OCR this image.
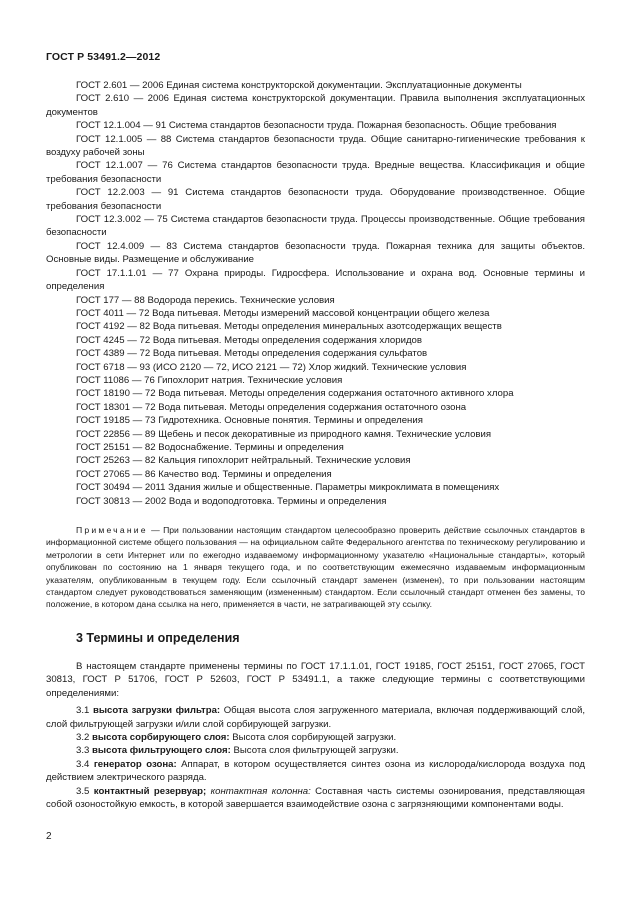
ГОСТ Р 53491.2—2012

ГОСТ 2.601 — 2006 Единая система конструкторской документации. Эксплуатационные документы

ГОСТ 2.610 — 2006 Единая система конструкторской документации. Правила выполнения эксплуатационных документов

ГОСТ 12.1.004 — 91 Система стандартов безопасности труда. Пожарная безопасность. Общие требования

ГОСТ 12.1.005 — 88 Система стандартов безопасности труда. Общие санитарно-гигиенические требования к воздуху рабочей зоны

ГОСТ 12.1.007 — 76 Система стандартов безопасности труда. Вредные вещества. Классификация и общие требования безопасности

ГОСТ 12.2.003 — 91 Система стандартов безопасности труда. Оборудование производственное. Общие требования безопасности

ГОСТ 12.3.002 — 75 Система стандартов безопасности труда. Процессы производственные. Общие требования безопасности

ГОСТ 12.4.009 — 83 Система стандартов безопасности труда. Пожарная техника для защиты объектов. Основные виды. Размещение и обслуживание

ГОСТ 17.1.1.01 — 77 Охрана природы. Гидросфера. Использование и охрана вод. Основные термины и определения

ГОСТ 177 — 88 Водорода перекись. Технические условия

ГОСТ 4011 — 72 Вода питьевая. Методы измерений массовой концентрации общего железа

ГОСТ 4192 — 82 Вода питьевая. Методы определения минеральных азотсодержащих веществ

ГОСТ 4245 — 72 Вода питьевая. Методы определения содержания хлоридов

ГОСТ 4389 — 72 Вода питьевая. Методы определения содержания сульфатов

ГОСТ 6718 — 93 (ИСО 2120 — 72, ИСО 2121 — 72) Хлор жидкий. Технические условия

ГОСТ 11086 — 76 Гипохлорит натрия. Технические условия

ГОСТ 18190 — 72 Вода питьевая. Методы определения содержания остаточного активного хлора

ГОСТ 18301 — 72 Вода питьевая. Методы определения содержания остаточного озона

ГОСТ 19185 — 73 Гидротехника. Основные понятия. Термины и определения

ГОСТ 22856 — 89 Щебень и песок декоративные из природного камня. Технические условия

ГОСТ 25151 — 82 Водоснабжение. Термины и определения

ГОСТ 25263 — 82 Кальция гипохлорит нейтральный. Технические условия

ГОСТ 27065 — 86 Качество вод. Термины и определения

ГОСТ 30494 — 2011 Здания жилые и общественные. Параметры микроклимата в помещениях

ГОСТ 30813 — 2002 Вода и водоподготовка. Термины и определения

Примечание — При пользовании настоящим стандартом целесообразно проверить действие ссылочных стандартов в информационной системе общего пользования — на официальном сайте Федерального агентства по техническому регулированию и метрологии в сети Интернет или по ежегодно издаваемому информационному указателю «Национальные стандарты», который опубликован по состоянию на 1 января текущего года, и по соответствующим ежемесячно издаваемым информационным указателям, опубликованным в текущем году. Если ссылочный стандарт заменен (изменен), то при пользовании настоящим стандартом следует руководствоваться заменяющим (измененным) стандартом. Если ссылочный стандарт отменен без замены, то положение, в котором дана ссылка на него, применяется в части, не затрагивающей эту ссылку.
3 Термины и определения

В настоящем стандарте применены термины по ГОСТ 17.1.1.01, ГОСТ 19185, ГОСТ 25151, ГОСТ 27065, ГОСТ 30813, ГОСТ Р 51706, ГОСТ Р 52603, ГОСТ Р 53491.1, а также следующие термины с соответствующими определениями:

3.1 высота загрузки фильтра: Общая высота слоя загруженного материала, включая поддерживающий слой, слой фильтрующей загрузки и/или слой сорбирующей загрузки.

3.2 высота сорбирующего слоя: Высота слоя сорбирующей загрузки.

3.3 высота фильтрующего слоя: Высота слоя фильтрующей загрузки.

3.4 генератор озона: Аппарат, в котором осуществляется синтез озона из кислорода/кислорода воздуха под действием электрического разряда.

3.5 контактный резервуар; контактная колонна: Составная часть системы озонирования, представляющая собой озоностойкую емкость, в которой завершается взаимодействие озона с загрязняющими компонентами воды.

2
